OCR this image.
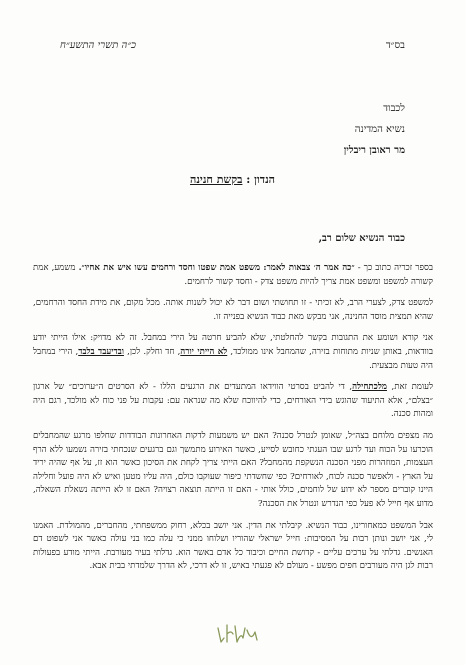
בס״ד
כ״ה תשרי התשע״ח
לכבוד
נשיא המדינה
מר ראובן ריבלין
הנדון : בקשת חנינה
כבוד הנשיא שלום רב,

בספר זכריה כתוב כך - ״כה אמר ה׳ צבאות לאמר: משפט אמת שפטו וחסד ורחמים עשו איש את אחיו״. משמע, אמת קשורה למשפט ומשפט אמת צריך להיות משפט צדק - וחסד קשור לרחמים.

למשפט צדק, לצערי הרב, לא זכיתי - זו תחושתי ושום דבר לא יכול לשנות אותה. מכל מקום, את מידת החסד והרחמים, שהיא תמצית מוסד החנינה, אני מבקש מאת כבוד הנשיא בפנייה זו.

אני קורא ושומע את התגובות בקשר להחלטתי, שלא להביע חרטה על הירי במחבל. זה לא מדויק: אילו הייתי יודע בוודאות, באותן שניות מתוחות בזירה, שהמחבל אינו ממולכד, לא הייתי יורה, חד וחלק. לכן, ובדיעבד בלבד, הירי במחבל היה טעות מבצעית.

לעומת זאת, מלכתחילה, די להביט בסרטי הווידאו המתעדים את הרגעים הללו - לא הסרטים ה״ערוכים״ של ארגון ״בצלם״, אלא התיעוד שהוגש בידי האורחים, כדי להיווכח שלא מה שנראה עם: עקבות על פני כוח לא מולכד, רגם היה ומהות סכנה.

מה מצפים מלוחם בצה״ל, שאומן לנטרל סכנה? האם יש משמעות לדקות האחרונות הבודדות שחלפו מרגע שהמחבלים הוכרעו על הכוח ועד לרגע שבו העגתי כחובש לסייע, כאשר האירוע מתמשך וגם ברגעים שנכחתי בזירה נשמעו ללא הרף העצמות, המוזהרות מפני הסכנה הנשקפת מהמחבל? האם הייתי צריך לקחת את הסיכון כאשר הוא זז, על אף שהיה יריד על הארץ - ולאפשר סכנה לכוח, לאורחים? כפי שחשדתי כיפור שעוקבו כולם, היה עליו מטען ואיש לא היה פועל וחלילה היינו קוברים מספר לא ידוע של לוחמים, כולל אותי - האם זו הייתה תוצאה רצויה? האם זו לא הייתה נשאלת השאלה, מדוע אף חייל לא פעל כפי הנדרש ונטרל את הסכנה?

אבל המשפט כמאחורינו, כבוד הנשיא. קיבלתי את הדין. אני יושב בכלא, רחוק ממשפחתי, מהחברים, מהמולדת. האמנו לי, אני יושב ונותן רבות על המסיבות: חייל ישראלי שהוריו ושלוחו ממני כי עלה כמו בני עולה כאשר אני לשפוט דם האנשים. גדלתי על ערכים עליים - קדושת החיים וכיבוד כל אדם באשר הוא. גדלתי בעיר מעורבת. הייתי מודע בפעולות רבות לגן היה מעורבים חפים מפשע - מעולם לא פגעתי באיש, זו לא דרכי, לא הדרך שלמדתי בבית אבא.
